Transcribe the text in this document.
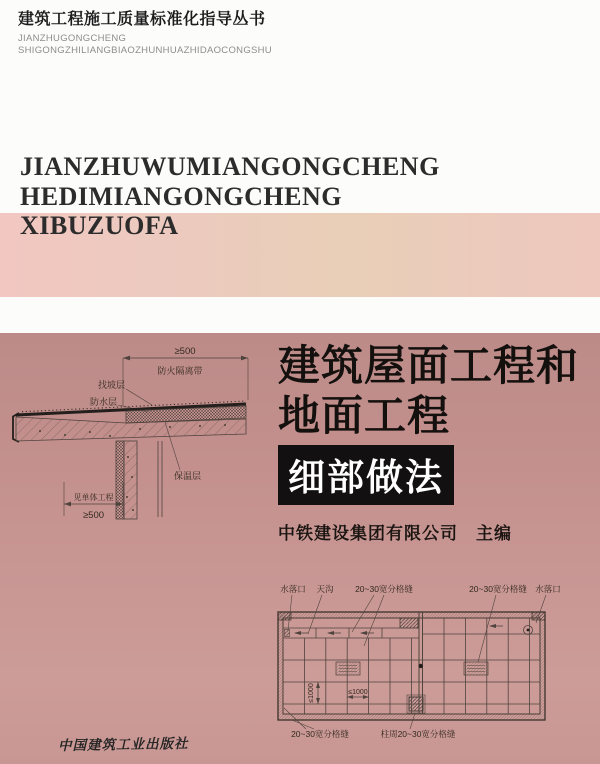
建筑工程施工质量标准化指导丛书
JIANZHUGONGCHENG
SHIGONGZHILIANGBIAOZHUNHUAZHIDAOCONGSHU
JIANZHUWUMIANGONGCHENG
HEDIMIANGONGCHENG
XIBUZUOFA
≥500
防火隔离带
找坡层
防水层
保温层
见单体工程
≥500
建筑屋面工程和
地面工程
细部做法
中铁建设集团有限公司　主编
水落口 天沟	20~30宽分格缝	20~30宽分格缝 水落口
≤1000	≤1000
20~30宽分格缝	柱周20~30宽分格缝
中国建筑工业出版社
